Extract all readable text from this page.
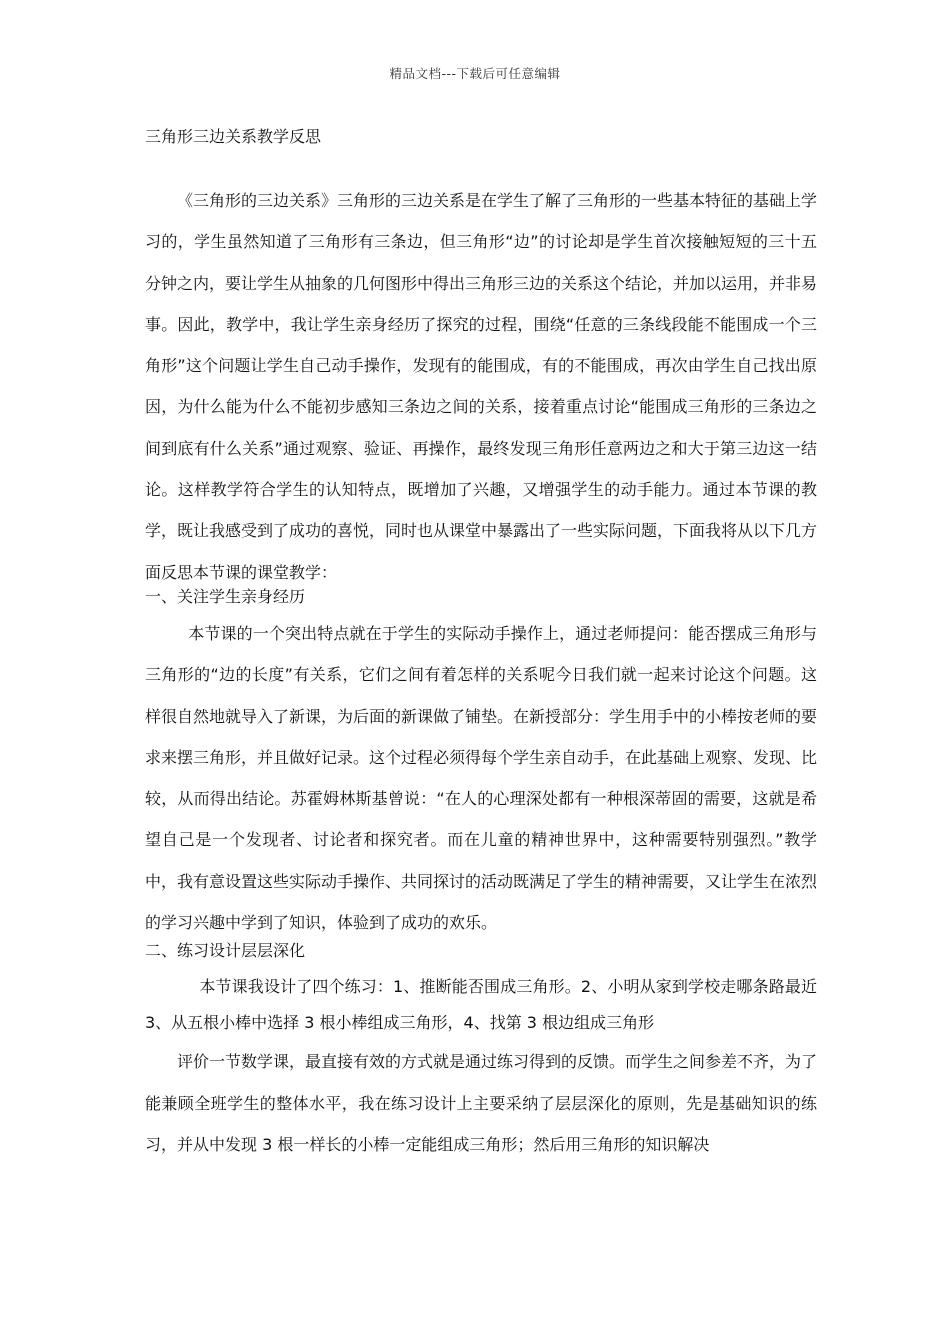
精品文档---下载后可任意编辑
三角形三边关系教学反思

《三角形的三边关系》三角形的三边关系是在学生了解了三角形的一些基本特征的基础上学习的，学生虽然知道了三角形有三条边，但三角形“边”的讨论却是学生首次接触短短的三十五分钟之内，要让学生从抽象的几何图形中得出三角形三边的关系这个结论，并加以运用，并非易事。因此，教学中，我让学生亲身经历了探究的过程，围绕“任意的三条线段能不能围成一个三角形”这个问题让学生自己动手操作，发现有的能围成，有的不能围成，再次由学生自己找出原因，为什么能为什么不能初步感知三条边之间的关系，接着重点讨论“能围成三角形的三条边之间到底有什么关系”通过观察、验证、再操作，最终发现三角形任意两边之和大于第三边这一结论。这样教学符合学生的认知特点，既增加了兴趣，又增强学生的动手能力。通过本节课的教学，既让我感受到了成功的喜悦，同时也从课堂中暴露出了一些实际问题，下面我将从以下几方面反思本节课的课堂教学：

一、关注学生亲身经历

本节课的一个突出特点就在于学生的实际动手操作上，通过老师提问：能否摆成三角形与三角形的“边的长度”有关系，它们之间有着怎样的关系呢今日我们就一起来讨论这个问题。这样很自然地就导入了新课，为后面的新课做了铺垫。在新授部分：学生用手中的小棒按老师的要求来摆三角形，并且做好记录。这个过程必须得每个学生亲自动手，在此基础上观察、发现、比较，从而得出结论。苏霍姆林斯基曾说：“在人的心理深处都有一种根深蒂固的需要，这就是希望自己是一个发现者、讨论者和探究者。而在儿童的精神世界中，这种需要特别强烈。”教学中，我有意设置这些实际动手操作、共同探讨的活动既满足了学生的精神需要，又让学生在浓烈的学习兴趣中学到了知识，体验到了成功的欢乐。

二、练习设计层层深化

本节课我设计了四个练习：1、推断能否围成三角形。2、小明从家到学校走哪条路最近 3、从五根小棒中选择 3 根小棒组成三角形，4、找第 3 根边组成三角形

评价一节数学课，最直接有效的方式就是通过练习得到的反馈。而学生之间参差不齐，为了能兼顾全班学生的整体水平，我在练习设计上主要采纳了层层深化的原则，先是基础知识的练习，并从中发现 3 根一样长的小棒一定能组成三角形；然后用三角形的知识解决
